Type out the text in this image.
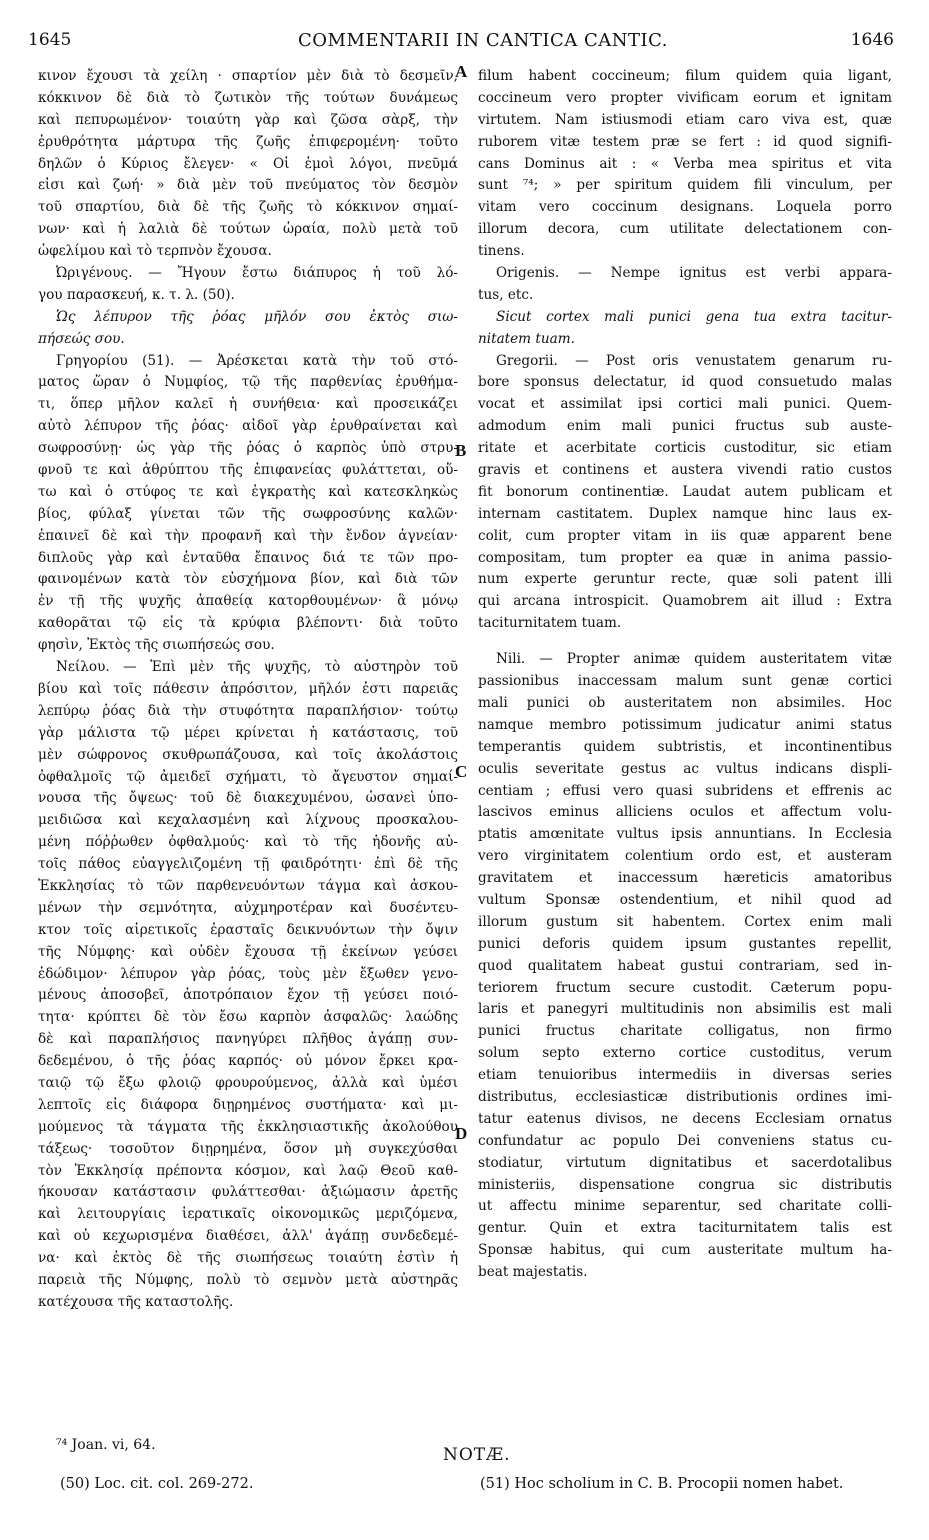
1645	COMMENTARII IN CANTICA CANTIC.	1646
κινον ἔχουσι τὰ χείλη · σπαρτίον μὲν διὰ τὸ δεσμεῖν,
κόκκινον δὲ διὰ τὸ ζωτικὸν τῆς τούτων δυνάμεως
καὶ πεπυρωμένον· τοιαύτη γὰρ καὶ ζῶσα σὰρξ, τὴν
ἐρυθρότητα μάρτυρα τῆς ζωῆς ἐπιφερομένη· τοῦτο
δηλῶν ὁ Κύριος ἔλεγεν· « Οἱ ἐμοὶ λόγοι, πνεῦμά
εἰσι καὶ ζωή· » διὰ μὲν τοῦ πνεύματος τὸν δεσμὸν
τοῦ σπαρτίου, διὰ δὲ τῆς ζωῆς τὸ κόκκινον σημαί-
νων· καὶ ἡ λαλιὰ δὲ τούτων ὡραία, πολὺ μετὰ τοῦ
ὠφελίμου καὶ τὸ τερπνὸν ἔχουσα.
Ὠριγένους. — Ἤγουν ἔστω διάπυρος ἡ τοῦ λό-
γου παρασκευή, κ. τ. λ. (50).
Ὡς λέπυρον τῆς ῥόας μῆλόν σου ἐκτὸς σιω-
πήσεώς σου.
Γρηγορίου (51). — Ἀρέσκεται κατὰ τὴν τοῦ στό-
ματος ὥραν ὁ Νυμφίος, τῷ τῆς παρθενίας ἐρυθήμα-
τι, ὅπερ μῆλον καλεῖ ἡ συνήθεια· καὶ προσεικάζει
αὐτὸ λέπυρον τῆς ῥόας· αἰδοῖ γὰρ ἐρυθραίνεται καὶ
σωφροσύνῃ· ὡς γὰρ τῆς ῥόας ὁ καρπὸς ὑπὸ στρυ-
φνοῦ τε καὶ ἀθρύπτου τῆς ἐπιφανείας φυλάττεται, οὕ-
τω καὶ ὁ στύφος τε καὶ ἐγκρατὴς καὶ κατεσκληκὼς
βίος, φύλαξ γίνεται τῶν τῆς σωφροσύνης καλῶν·
ἐπαινεῖ δὲ καὶ τὴν προφανῆ καὶ τὴν ἔνδον ἁγνείαν·
διπλοῦς γὰρ καὶ ἐνταῦθα ἔπαινος διά τε τῶν προ-
φαινομένων κατὰ τὸν εὐσχήμονα βίον, καὶ διὰ τῶν
ἐν τῇ τῆς ψυχῆς ἀπαθείᾳ κατορθουμένων· ἃ μόνῳ
καθορᾶται τῷ εἰς τὰ κρύφια βλέποντι· διὰ τοῦτο
φησὶν, Ἐκτὸς τῆς σιωπήσεώς σου.
Νείλου. — Ἐπὶ μὲν τῆς ψυχῆς, τὸ αὐστηρὸν τοῦ
βίου καὶ τοῖς πάθεσιν ἀπρόσιτον, μῆλόν ἐστι παρειᾶς
λεπύρῳ ῥόας διὰ τὴν στυφότητα παραπλήσιον· τούτῳ
γὰρ μάλιστα τῷ μέρει κρίνεται ἡ κατάστασις, τοῦ
μὲν σώφρονος σκυθρωπάζουσα, καὶ τοῖς ἀκολάστοις
ὀφθαλμοῖς τῷ ἀμειδεῖ σχήματι, τὸ ἄγευστον σημαί-
νουσα τῆς ὄψεως· τοῦ δὲ διακεχυμένου, ὡσανεὶ ὑπο-
μειδιῶσα καὶ κεχαλασμένη καὶ λίχνους προσκαλου-
μένη πόῤῥωθεν ὀφθαλμούς· καὶ τὸ τῆς ἡδονῆς αὐ-
τοῖς πάθος εὐαγγελιζομένη τῇ φαιδρότητι· ἐπὶ δὲ τῆς
Ἐκκλησίας τὸ τῶν παρθενευόντων τάγμα καὶ ἀσκου-
μένων τὴν σεμνότητα, αὐχμηροτέραν καὶ δυσέντευ-
κτον τοῖς αἱρετικοῖς ἐρασταῖς δεικνυόντων τὴν ὄψιν
τῆς Νύμφης· καὶ οὐδὲν ἔχουσα τῇ ἐκείνων γεύσει
ἐδώδιμον· λέπυρον γὰρ ῥόας, τοὺς μὲν ἔξωθεν γενο-
μένους ἀποσοβεῖ, ἀποτρόπαιον ἔχον τῇ γεύσει ποιό-
τητα· κρύπτει δὲ τὸν ἔσω καρπὸν ἀσφαλῶς· λαώδης
δὲ καὶ παραπλήσιος πανηγύρει πλῆθος ἀγάπῃ συν-
δεδεμένου, ὁ τῆς ῥόας καρπός· οὐ μόνον ἔρκει κρα-
ταιῷ τῷ ἔξω φλοιῷ φρουρούμενος, ἀλλὰ καὶ ὑμέσι
λεπτοῖς εἰς διάφορα διῃρημένος συστήματα· καὶ μι-
μούμενος τὰ τάγματα τῆς ἐκκλησιαστικῆς ἀκολούθου
τάξεως· τοσοῦτον διῃρημένα, ὅσον μὴ συγκεχύσθαι
τὸν Ἐκκλησίᾳ πρέποντα κόσμον, καὶ λαῷ Θεοῦ καθ-
ήκουσαν κατάστασιν φυλάττεσθαι· ἀξιώμασιν ἀρετῆς
καὶ λειτουργίαις ἱερατικαῖς οἰκονομικῶς μεριζόμενα,
καὶ οὐ κεχωρισμένα διαθέσει, ἀλλ' ἀγάπῃ συνδεδεμέ-
να· καὶ ἐκτὸς δὲ τῆς σιωπήσεως τοιαύτη ἐστὶν ἡ
παρειὰ τῆς Νύμφης, πολὺ τὸ σεμνὸν μετὰ αὐστηρᾶς
κατέχουσα τῆς καταστολῆς.
filum habent coccineum; filum quidem quia ligant,
coccineum vero propter vivificam eorum et ignitam
virtutem. Nam istiusmodi etiam caro viva est, quæ
ruborem vitæ testem præ se fert : id quod signifi-
cans Dominus ait : « Verba mea spiritus et vita
sunt ⁷⁴; » per spiritum quidem fili vinculum, per
vitam vero coccinum designans. Loquela porro
illorum decora, cum utilitate delectationem con-
tinens.
Origenis. — Nempe ignitus est verbi appara-
tus, etc.
Sicut cortex mali punici gena tua extra tacitur-
nitatem tuam.
Gregorii. — Post oris venustatem genarum ru-
bore sponsus delectatur, id quod consuetudo malas
vocat et assimilat ipsi cortici mali punici. Quem-
admodum enim mali punici fructus sub auste-
ritate et acerbitate corticis custoditur, sic etiam
gravis et continens et austera vivendi ratio custos
fit bonorum continentiæ. Laudat autem publicam et
internam castitatem. Duplex namque hinc laus ex-
colit, cum propter vitam in iis quæ apparent bene
compositam, tum propter ea quæ in anima passio-
num experte geruntur recte, quæ soli patent illi
qui arcana introspicit. Quamobrem ait illud : Extra
taciturnitatem tuam.
Nili. — Propter animæ quidem austeritatem vitæ
passionibus inaccessam malum sunt genæ cortici
mali punici ob austeritatem non absimiles. Hoc
namque membro potissimum judicatur animi status
temperantis quidem subtristis, et incontinentibus
oculis severitate gestus ac vultus indicans displi-
centiam ; effusi vero quasi subridens et effrenis ac
lascivos eminus alliciens oculos et affectum volu-
ptatis amœnitate vultus ipsis annuntians. In Ecclesia
vero virginitatem colentium ordo est, et austeram
gravitatem et inaccessum hæreticis amatoribus
vultum Sponsæ ostendentium, et nihil quod ad
illorum gustum sit habentem. Cortex enim mali
punici deforis quidem ipsum gustantes repellit,
quod qualitatem habeat gustui contrariam, sed in-
teriorem fructum secure custodit. Cæterum popu-
laris et panegyri multitudinis non absimilis est mali
punici fructus charitate colligatus, non firmo
solum septo externo cortice custoditus, verum
etiam tenuioribus intermediis in diversas series
distributus, ecclesiasticæ distributionis ordines imi-
tatur eatenus divisos, ne decens Ecclesiam ornatus
confundatur ac populo Dei conveniens status cu-
stodiatur, virtutum dignitatibus et sacerdotalibus
ministeriis, dispensatione congrua sic distributis
ut affectu minime separentur, sed charitate colli-
gentur. Quin et extra taciturnitatem talis est
Sponsæ habitus, qui cum austeritate multum ha-
beat majestatis.
A
B
C
D
⁷⁴ Joan. vi, 64.	NOTÆ.
(50) Loc. cit. col. 269-272.	(51) Hoc scholium in C. B. Procopii nomen habet.
